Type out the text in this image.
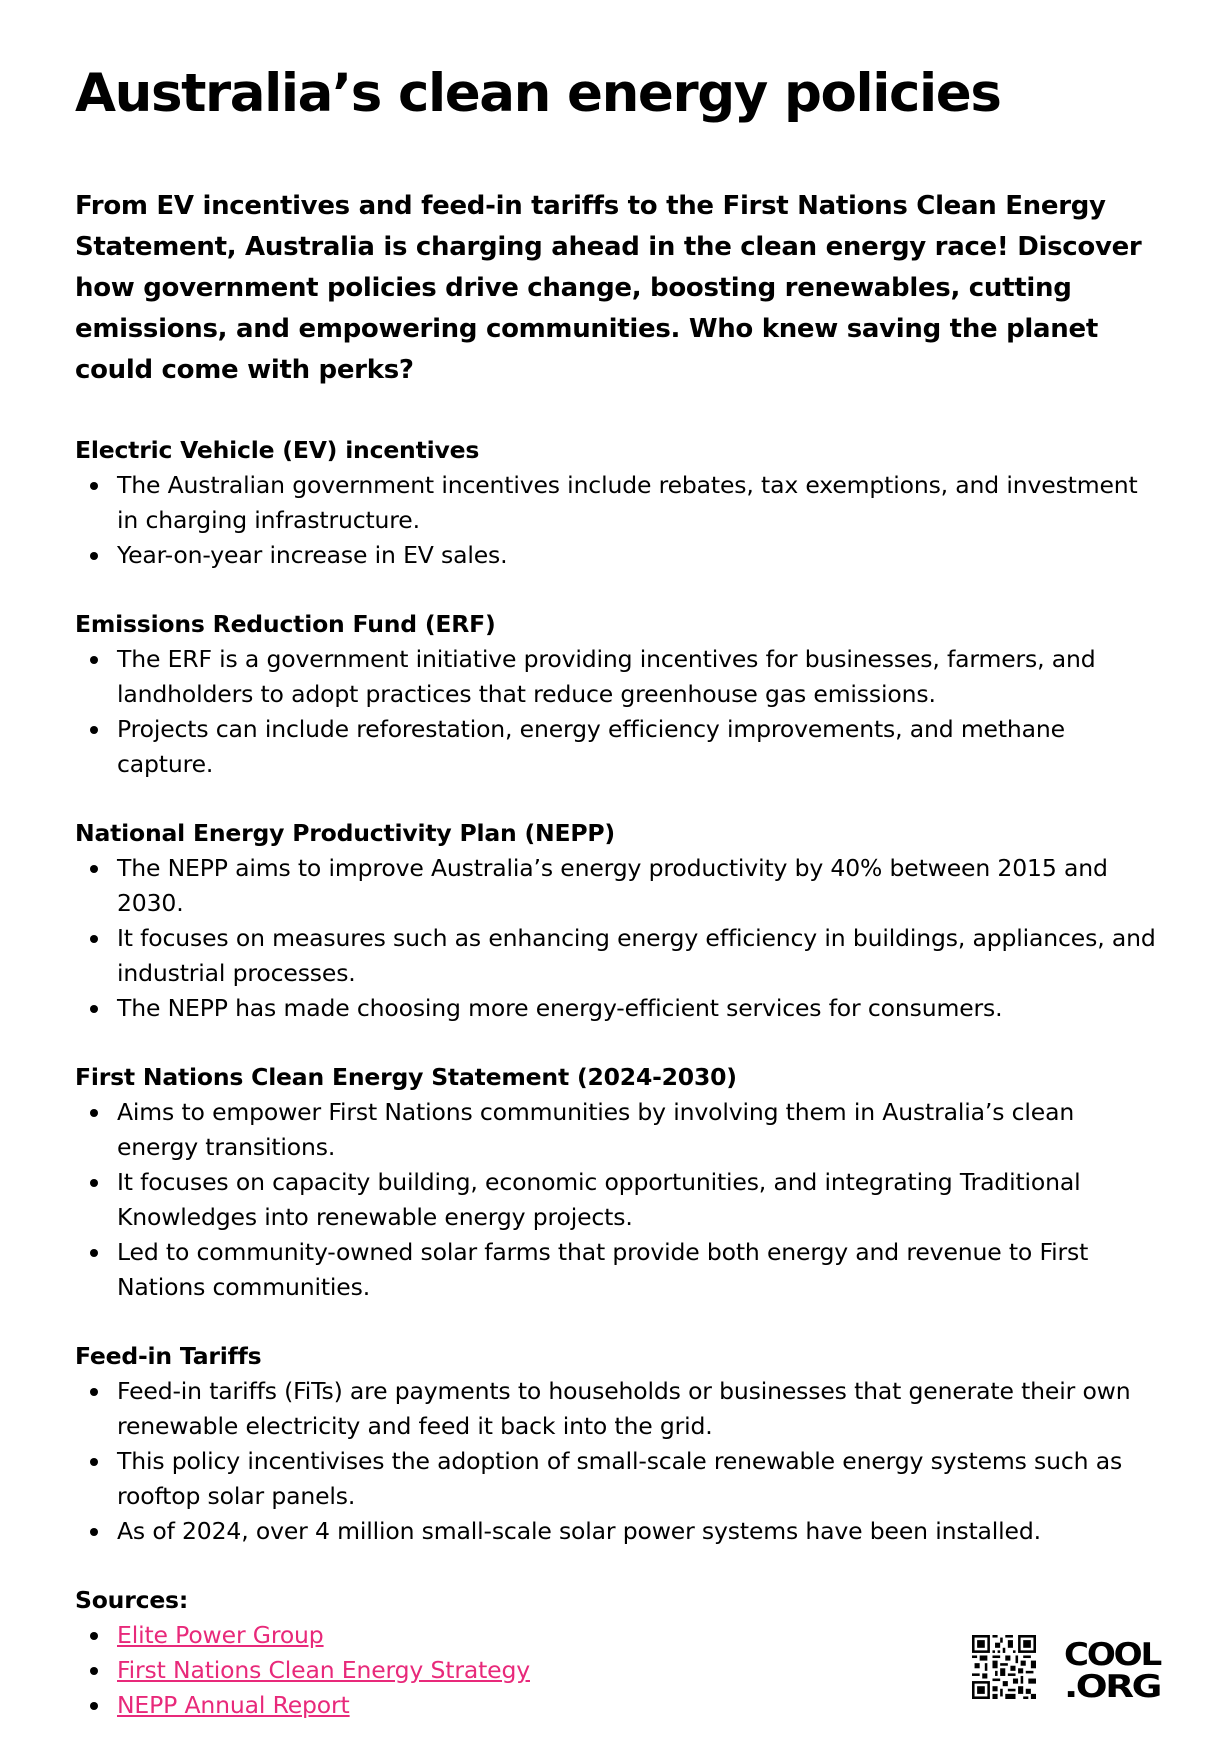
Australia’s clean energy policies

From EV incentives and feed-in tariffs to the First Nations Clean Energy Statement, Australia is charging ahead in the clean energy race! Discover how government policies drive change, boosting renewables, cutting emissions, and empowering communities. Who knew saving the planet could come with perks?

Electric Vehicle (EV) incentives
The Australian government incentives include rebates, tax exemptions, and investment in charging infrastructure.
Year-on-year increase in EV sales.
Emissions Reduction Fund (ERF)
The ERF is a government initiative providing incentives for businesses, farmers, and landholders to adopt practices that reduce greenhouse gas emissions.
Projects can include reforestation, energy efficiency improvements, and methane capture.
National Energy Productivity Plan (NEPP)
The NEPP aims to improve Australia’s energy productivity by 40% between 2015 and 2030.
It focuses on measures such as enhancing energy efficiency in buildings, appliances, and industrial processes.
The NEPP has made choosing more energy-efficient services for consumers.
First Nations Clean Energy Statement (2024-2030)
Aims to empower First Nations communities by involving them in Australia’s clean energy transitions.
It focuses on capacity building, economic opportunities, and integrating Traditional Knowledges into renewable energy projects.
Led to community-owned solar farms that provide both energy and revenue to First Nations communities.
Feed-in Tariffs
Feed-in tariffs (FiTs) are payments to households or businesses that generate their own renewable electricity and feed it back into the grid.
This policy incentivises the adoption of small-scale renewable energy systems such as rooftop solar panels.
As of 2024, over 4 million small-scale solar power systems have been installed.
Sources:
Elite Power Group
First Nations Clean Energy Strategy
NEPP Annual Report
COOL
.ORG
